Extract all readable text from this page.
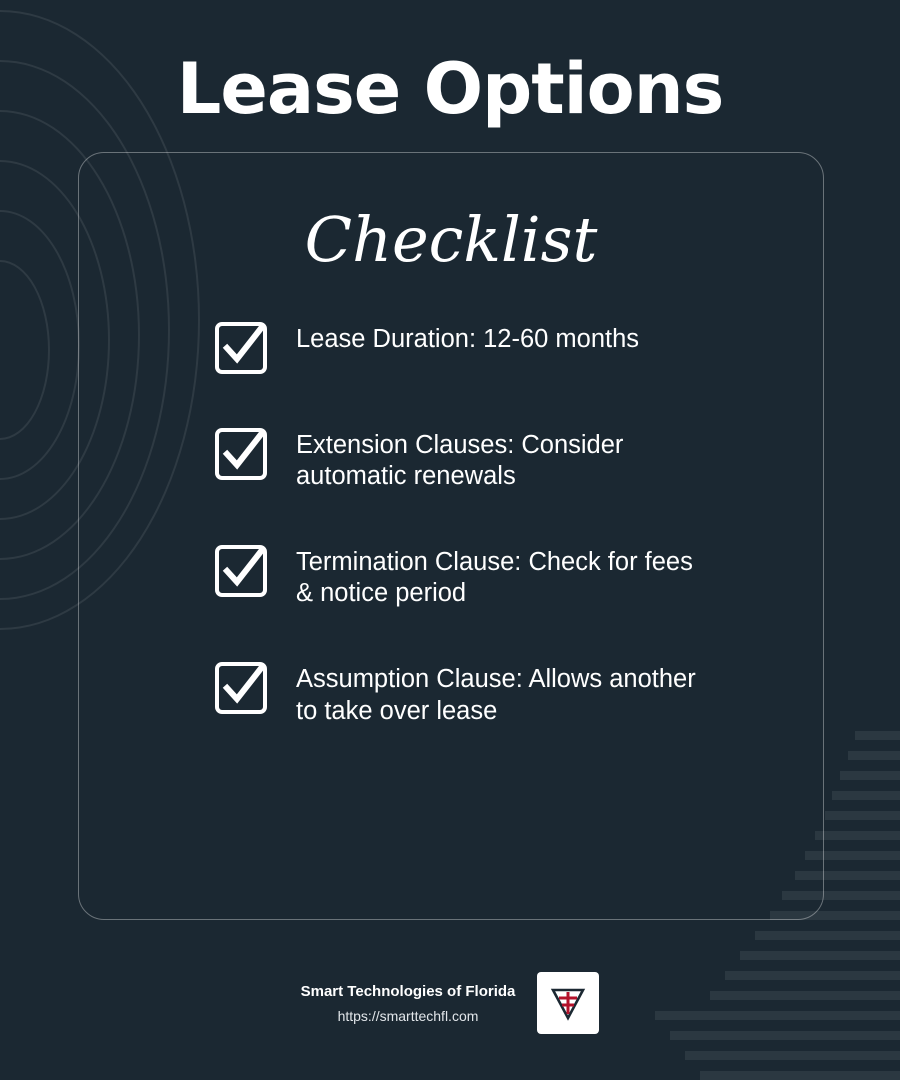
Lease Options
Checklist
Lease Duration: 12-60 months
Extension Clauses: Consider automatic renewals
Termination Clause: Check for fees & notice period
Assumption Clause: Allows another to take over lease
Smart Technologies of Florida
https://smarttechfl.com
